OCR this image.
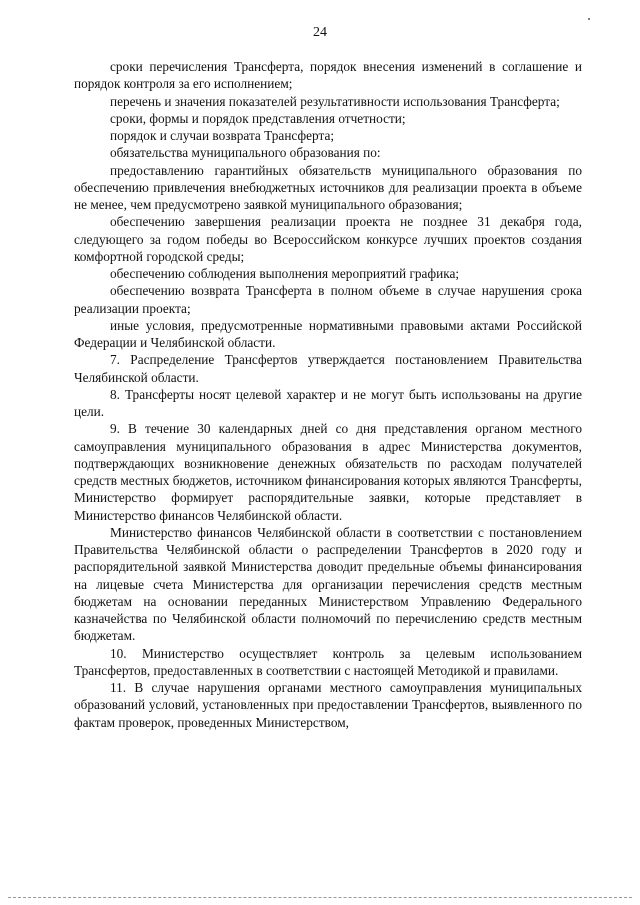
24

сроки перечисления Трансферта, порядок внесения изменений в соглашение и порядок контроля за его исполнением;

перечень и значения показателей результативности использования Трансферта;

сроки, формы и порядок представления отчетности;

порядок и случаи возврата Трансферта;

обязательства муниципального образования по:

предоставлению гарантийных обязательств муниципального образования по обеспечению привлечения внебюджетных источников для реализации проекта в объеме не менее, чем предусмотрено заявкой муниципального образования;

обеспечению завершения реализации проекта не позднее 31 декабря года, следующего за годом победы во Всероссийском конкурсе лучших проектов создания комфортной городской среды;

обеспечению соблюдения выполнения мероприятий графика;

обеспечению возврата Трансферта в полном объеме в случае нарушения срока реализации проекта;

иные условия, предусмотренные нормативными правовыми актами Российской Федерации и Челябинской области.

7. Распределение Трансфертов утверждается постановлением Правительства Челябинской области.

8. Трансферты носят целевой характер и не могут быть использованы на другие цели.

9. В течение 30 календарных дней со дня представления органом местного самоуправления муниципального образования в адрес Министерства документов, подтверждающих возникновение денежных обязательств по расходам получателей средств местных бюджетов, источником финансирования которых являются Трансферты, Министерство формирует распорядительные заявки, которые представляет в Министерство финансов Челябинской области.

Министерство финансов Челябинской области в соответствии с постановлением Правительства Челябинской области о распределении Трансфертов в 2020 году и распорядительной заявкой Министерства доводит предельные объемы финансирования на лицевые счета Министерства для организации перечисления средств местным бюджетам на основании переданных Министерством Управлению Федерального казначейства по Челябинской области полномочий по перечислению средств местным бюджетам.

10. Министерство осуществляет контроль за целевым использованием Трансфертов, предоставленных в соответствии с настоящей Методикой и правилами.

11. В случае нарушения органами местного самоуправления муниципальных образований условий, установленных при предоставлении Трансфертов, выявленного по фактам проверок, проведенных Министерством,
